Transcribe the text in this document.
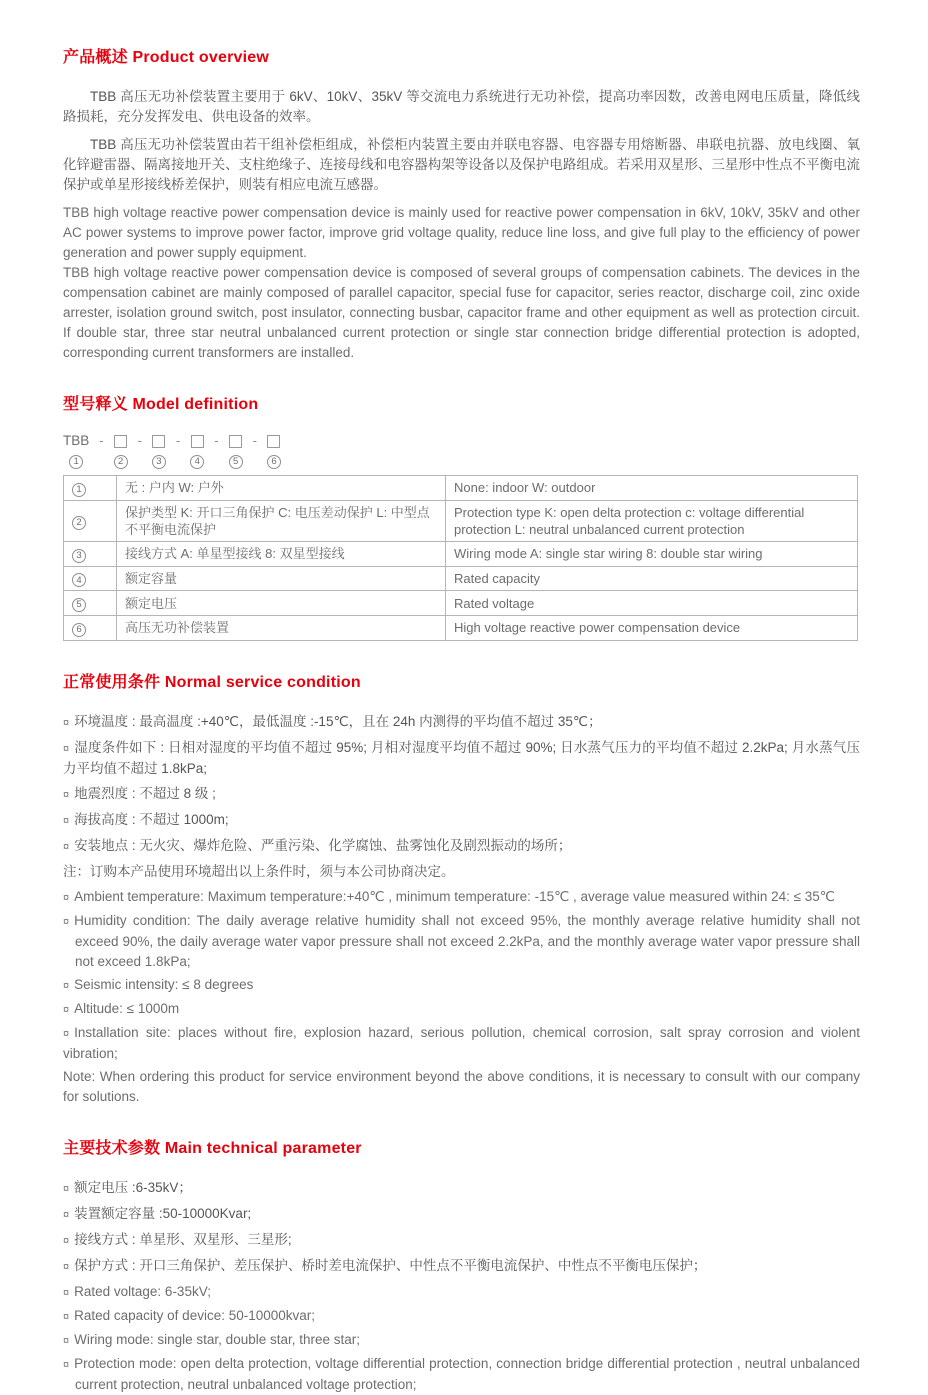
产品概述 Product overview

TBB 高压无功补偿装置主要用于 6kV、10kV、35kV 等交流电力系统进行无功补偿，提高功率因数，改善电网电压质量，降低线路损耗，充分发挥发电、供电设备的效率。

TBB 高压无功补偿装置由若干组补偿柜组成，补偿柜内装置主要由并联电容器、电容器专用熔断器、串联电抗器、放电线圈、氧化锌避雷器、隔离接地开关、支柱绝缘子、连接母线和电容器构架等设备以及保护电路组成。若采用双星形、三星形中性点不平衡电流保护或单星形接线桥差保护，则装有相应电流互感器。

TBB high voltage reactive power compensation device is mainly used for reactive power compensation in 6kV, 10kV, 35kV and other AC power systems to improve power factor, improve grid voltage quality, reduce line loss, and give full play to the efficiency of power generation and power supply equipment.

TBB high voltage reactive power compensation device is composed of several groups of compensation cabinets. The devices in the compensation cabinet are mainly composed of parallel capacitor, special fuse for capacitor, series reactor, discharge coil, zinc oxide arrester, isolation ground switch, post insulator, connecting busbar, capacitor frame and other equipment as well as protection circuit. If double star, three star neutral unbalanced current protection or single star connection bridge differential protection is adopted, corresponding current transformers are installed.

型号释义 Model definition
TBB
1
-
2
-
3
-
4
-
5
-
6
1	无 : 户内 W: 户外	None: indoor W: outdoor
2	保护类型 K: 开口三角保护 C: 电压差动保护 L: 中型点不平衡电流保护	Protection type K: open delta protection c: voltage differential protection L: neutral unbalanced current protection
3	接线方式 A: 单星型接线 8: 双星型接线	Wiring mode A: single star wiring 8: double star wiring
4	额定容量	Rated capacity
5	额定电压	Rated voltage
6	高压无功补偿装置	High voltage reactive power compensation device
正常使用条件 Normal service condition
¤ 环境温度 : 最高温度 :+40℃，最低温度 :-15℃，且在 24h 内测得的平均值不超过 35℃；
¤ 湿度条件如下 : 日相对湿度的平均值不超过 95%; 月相对湿度平均值不超过 90%; 日水蒸气压力的平均值不超过 2.2kPa; 月水蒸气压力平均值不超过 1.8kPa;
¤ 地震烈度 : 不超过 8 级 ;
¤ 海拔高度 : 不超过 1000m;
¤ 安装地点 : 无火灾、爆炸危险、严重污染、化学腐蚀、盐雾蚀化及剧烈振动的场所；
注：订购本产品使用环境超出以上条件时，须与本公司协商决定。
¤ Ambient temperature: Maximum temperature:+40℃ , minimum temperature: -15℃ , average value measured within 24: ≤ 35℃
¤ Humidity condition: The daily average relative humidity shall not exceed 95%, the monthly average relative humidity shall not exceed 90%, the daily average water vapor pressure shall not exceed 2.2kPa, and the monthly average water vapor pressure shall not exceed 1.8kPa;
¤ Seismic intensity: ≤ 8 degrees
¤ Altitude: ≤ 1000m
¤ Installation site: places without fire, explosion hazard, serious pollution, chemical corrosion, salt spray corrosion and violent vibration;
Note: When ordering this product for service environment beyond the above conditions, it is necessary to consult with our company for solutions.
主要技术参数 Main technical parameter
¤ 额定电压 :6-35kV；
¤ 装置额定容量 :50-10000Kvar;
¤ 接线方式 : 单星形、双星形、三星形;
¤ 保护方式 : 开口三角保护、差压保护、桥时差电流保护、中性点不平衡电流保护、中性点不平衡电压保护；
¤ Rated voltage: 6-35kV;
¤ Rated capacity of device: 50-10000kvar;
¤ Wiring mode: single star, double star, three star;
¤ Protection mode: open delta protection, voltage differential protection, connection bridge differential protection , neutral unbalanced current protection, neutral unbalanced voltage protection;
